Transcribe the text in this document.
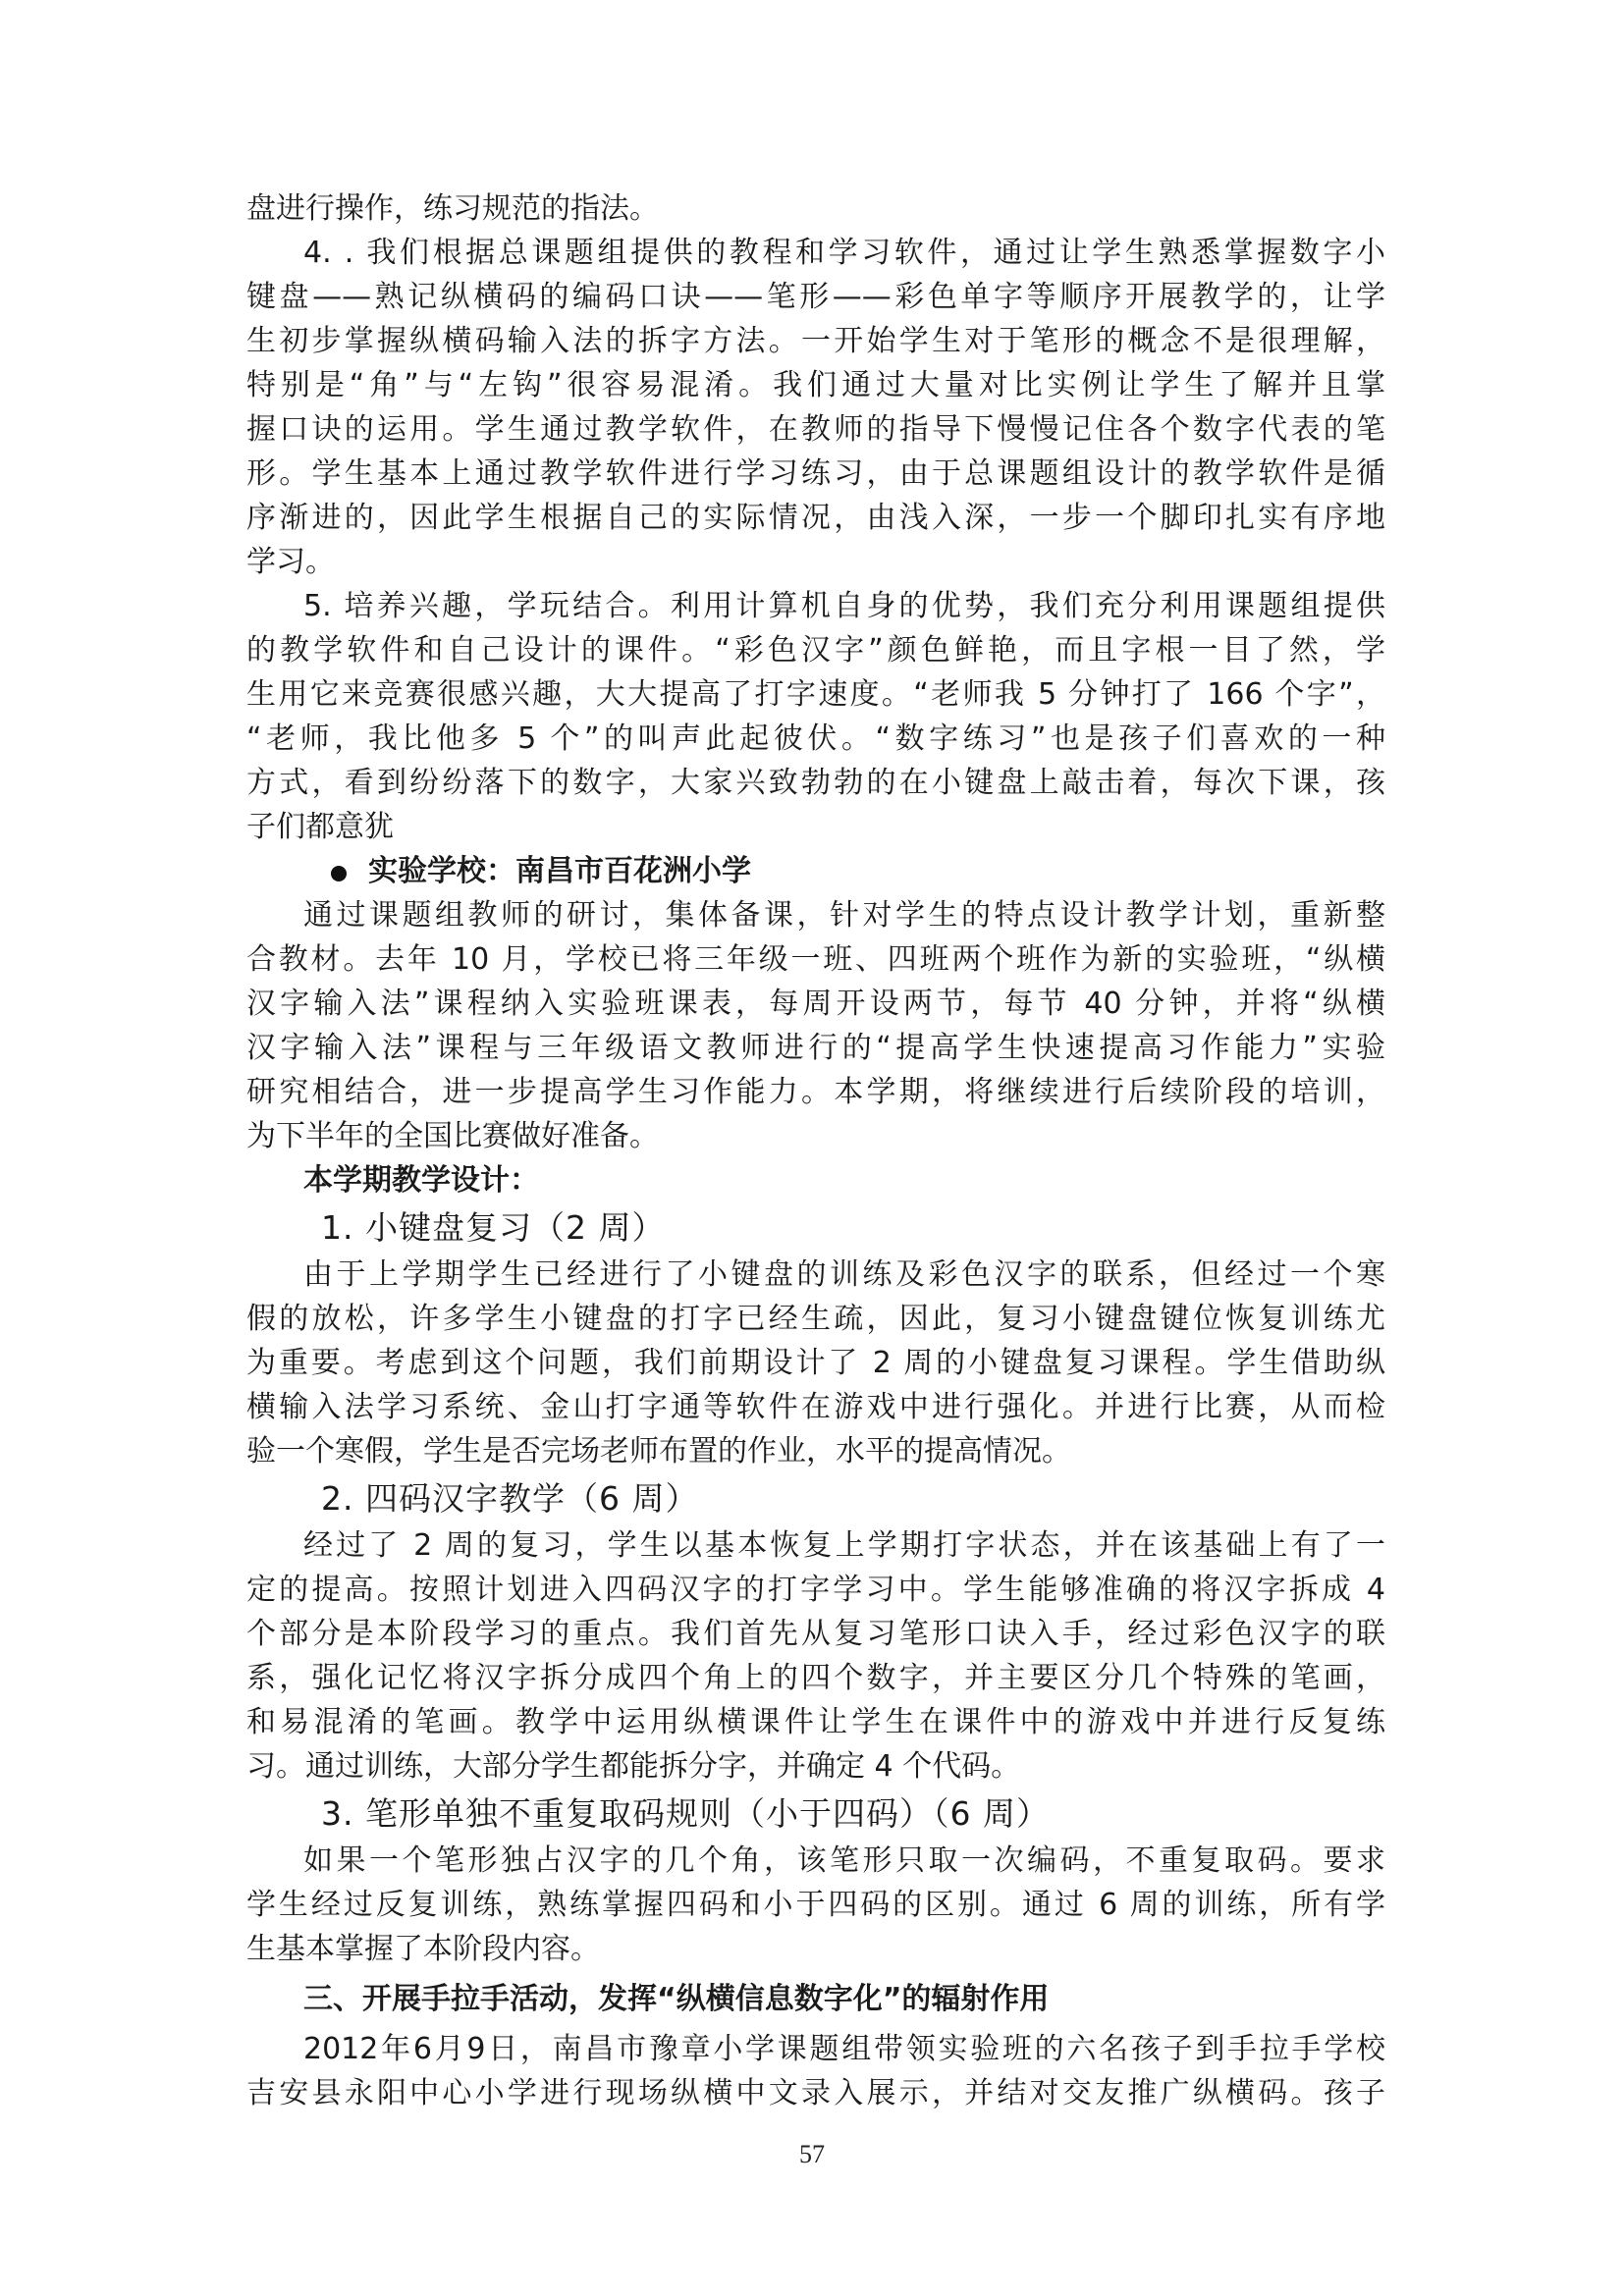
盘进行操作，练习规范的指法。
4. . 我们根据总课题组提供的教程和学习软件，通过让学生熟悉掌握数字小
键盘——熟记纵横码的编码口诀——笔形——彩色单字等顺序开展教学的，让学
生初步掌握纵横码输入法的拆字方法。一开始学生对于笔形的概念不是很理解，
特别是“角”与“左钩”很容易混淆。我们通过大量对比实例让学生了解并且掌
握口诀的运用。学生通过教学软件，在教师的指导下慢慢记住各个数字代表的笔
形。学生基本上通过教学软件进行学习练习，由于总课题组设计的教学软件是循
序渐进的，因此学生根据自己的实际情况，由浅入深，一步一个脚印扎实有序地
学习。
5. 培养兴趣，学玩结合。利用计算机自身的优势，我们充分利用课题组提供
的教学软件和自己设计的课件。“彩色汉字”颜色鲜艳，而且字根一目了然，学
生用它来竞赛很感兴趣，大大提高了打字速度。“老师我 5 分钟打了 166 个字”，
“老师，我比他多 5 个”的叫声此起彼伏。“数字练习”也是孩子们喜欢的一种
方式，看到纷纷落下的数字，大家兴致勃勃的在小键盘上敲击着，每次下课，孩
子们都意犹
实验学校：南昌市百花洲小学
通过课题组教师的研讨，集体备课，针对学生的特点设计教学计划，重新整
合教材。去年 10 月，学校已将三年级一班、四班两个班作为新的实验班，“纵横
汉字输入法”课程纳入实验班课表，每周开设两节，每节 40 分钟，并将“纵横
汉字输入法”课程与三年级语文教师进行的“提高学生快速提高习作能力”实验
研究相结合，进一步提高学生习作能力。本学期，将继续进行后续阶段的培训，
为下半年的全国比赛做好准备。
本学期教学设计：
1. 小键盘复习（2 周）
由于上学期学生已经进行了小键盘的训练及彩色汉字的联系，但经过一个寒
假的放松，许多学生小键盘的打字已经生疏，因此，复习小键盘键位恢复训练尤
为重要。考虑到这个问题，我们前期设计了 2 周的小键盘复习课程。学生借助纵
横输入法学习系统、金山打字通等软件在游戏中进行强化。并进行比赛，从而检
验一个寒假，学生是否完场老师布置的作业，水平的提高情况。
2. 四码汉字教学（6 周）
经过了 2 周的复习，学生以基本恢复上学期打字状态，并在该基础上有了一
定的提高。按照计划进入四码汉字的打字学习中。学生能够准确的将汉字拆成 4
个部分是本阶段学习的重点。我们首先从复习笔形口诀入手，经过彩色汉字的联
系，强化记忆将汉字拆分成四个角上的四个数字，并主要区分几个特殊的笔画，
和易混淆的笔画。教学中运用纵横课件让学生在课件中的游戏中并进行反复练
习。通过训练，大部分学生都能拆分字，并确定 4 个代码。
3. 笔形单独不重复取码规则（小于四码）（6 周）
如果一个笔形独占汉字的几个角，该笔形只取一次编码，不重复取码。要求
学生经过反复训练，熟练掌握四码和小于四码的区别。通过 6 周的训练，所有学
生基本掌握了本阶段内容。
三、开展手拉手活动，发挥“纵横信息数字化”的辐射作用
2012年6月9日，南昌市豫章小学课题组带领实验班的六名孩子到手拉手学校
吉安县永阳中心小学进行现场纵横中文录入展示，并结对交友推广纵横码。孩子
57
